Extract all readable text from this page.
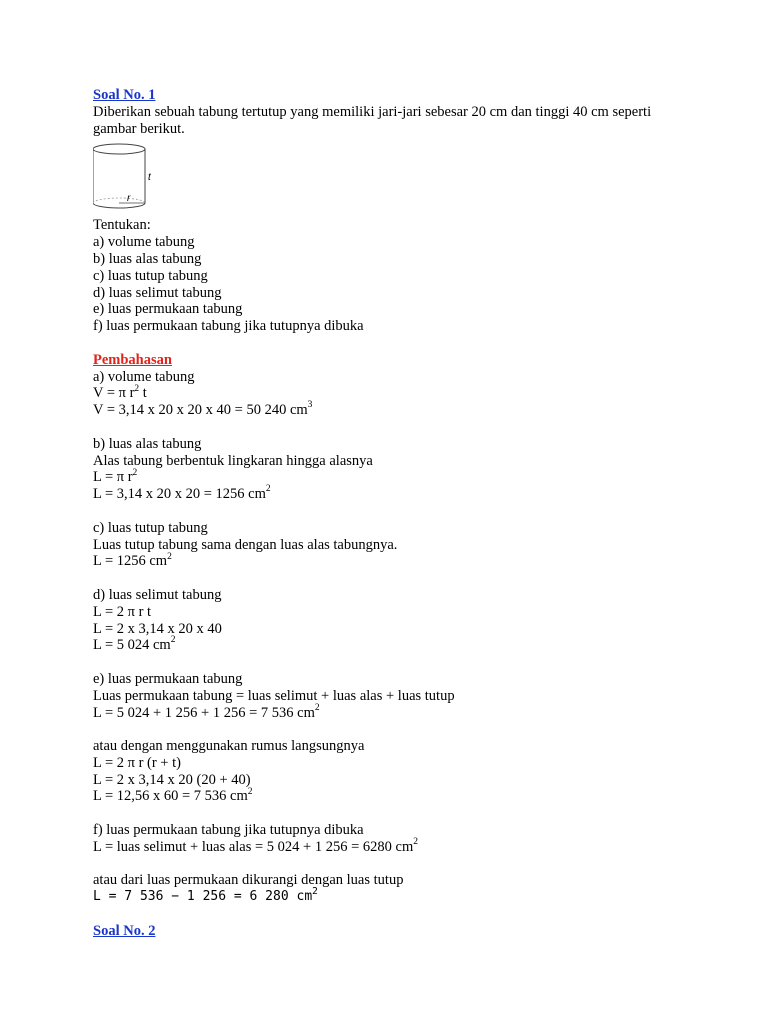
Soal No. 1
Diberikan sebuah tabung tertutup yang memiliki jari-jari sebesar 20 cm dan tinggi 40 cm seperti gambar berikut.
t
r
Tentukan:
a) volume tabung
b) luas alas tabung
c) luas tutup tabung
d) luas selimut tabung
e) luas permukaan tabung
f) luas permukaan tabung jika tutupnya dibuka
Pembahasan
a) volume tabung
V = π $r^2$ t
V = 3,14 x 20 x 20 x 40 = 50 240 $cm^3$
b) luas alas tabung
Alas tabung berbentuk lingkaran hingga alasnya
L = π $r^2$
L = 3,14 x 20 x 20 = 1256 $cm^2$
c) luas tutup tabung
Luas tutup tabung sama dengan luas alas tabungnya.
L = 1256 $cm^2$
d) luas selimut tabung
L = 2 π r t
L = 2 x 3,14 x 20 x 40
L = 5 024 $cm^2$
e) luas permukaan tabung
Luas permukaan tabung = luas selimut + luas alas + luas tutup
L = 5 024 + 1 256 + 1 256 = 7 536 $cm^2$
atau dengan menggunakan rumus langsungnya
L = 2 π r (r + t)
L = 2 x 3,14 x 20 (20 + 40)
L = 12,56 x 60 = 7 536 $cm^2$
f) luas permukaan tabung jika tutupnya dibuka
L = luas selimut + luas alas = 5 024 + 1 256 = 6280 $cm^2$
atau dari luas permukaan dikurangi dengan luas tutup
L = 7 536 − 1 256 = 6 280 $cm^2$
Soal No. 2
